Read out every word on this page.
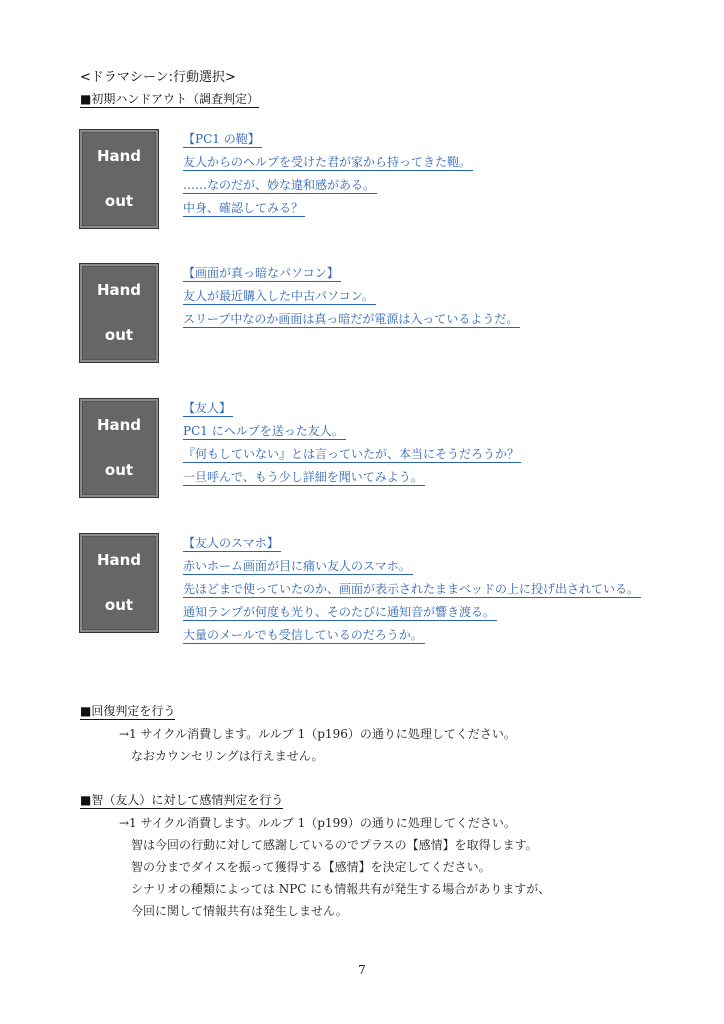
<ドラマシーン:行動選択>
■初期ハンドアウト（調査判定）
Hand
out
【PC1 の鞄】
友人からのヘルプを受けた君が家から持ってきた鞄。
……なのだが、妙な違和感がある。
中身、確認してみる？
Hand
out
【画面が真っ暗なパソコン】
友人が最近購入した中古パソコン。
スリープ中なのか画面は真っ暗だが電源は入っているようだ。
Hand
out
【友人】
PC1 にヘルプを送った友人。
『何もしていない』とは言っていたが、本当にそうだろうか？
一旦呼んで、もう少し詳細を聞いてみよう。
Hand
out
【友人のスマホ】
赤いホーム画面が目に痛い友人のスマホ。
先ほどまで使っていたのか、画面が表示されたままベッドの上に投げ出されている。
通知ランプが何度も光り、そのたびに通知音が響き渡る。
大量のメールでも受信しているのだろうか。
■回復判定を行う
→1 サイクル消費します。ルルブ 1（p196）の通りに処理してください。
なおカウンセリングは行えません。
■智（友人）に対して感情判定を行う
→1 サイクル消費します。ルルブ 1（p199）の通りに処理してください。
智は今回の行動に対して感謝しているのでプラスの【感情】を取得します。
智の分までダイスを振って獲得する【感情】を決定してください。
シナリオの種類によっては NPC にも情報共有が発生する場合がありますが、
今回に関して情報共有は発生しません。
7
